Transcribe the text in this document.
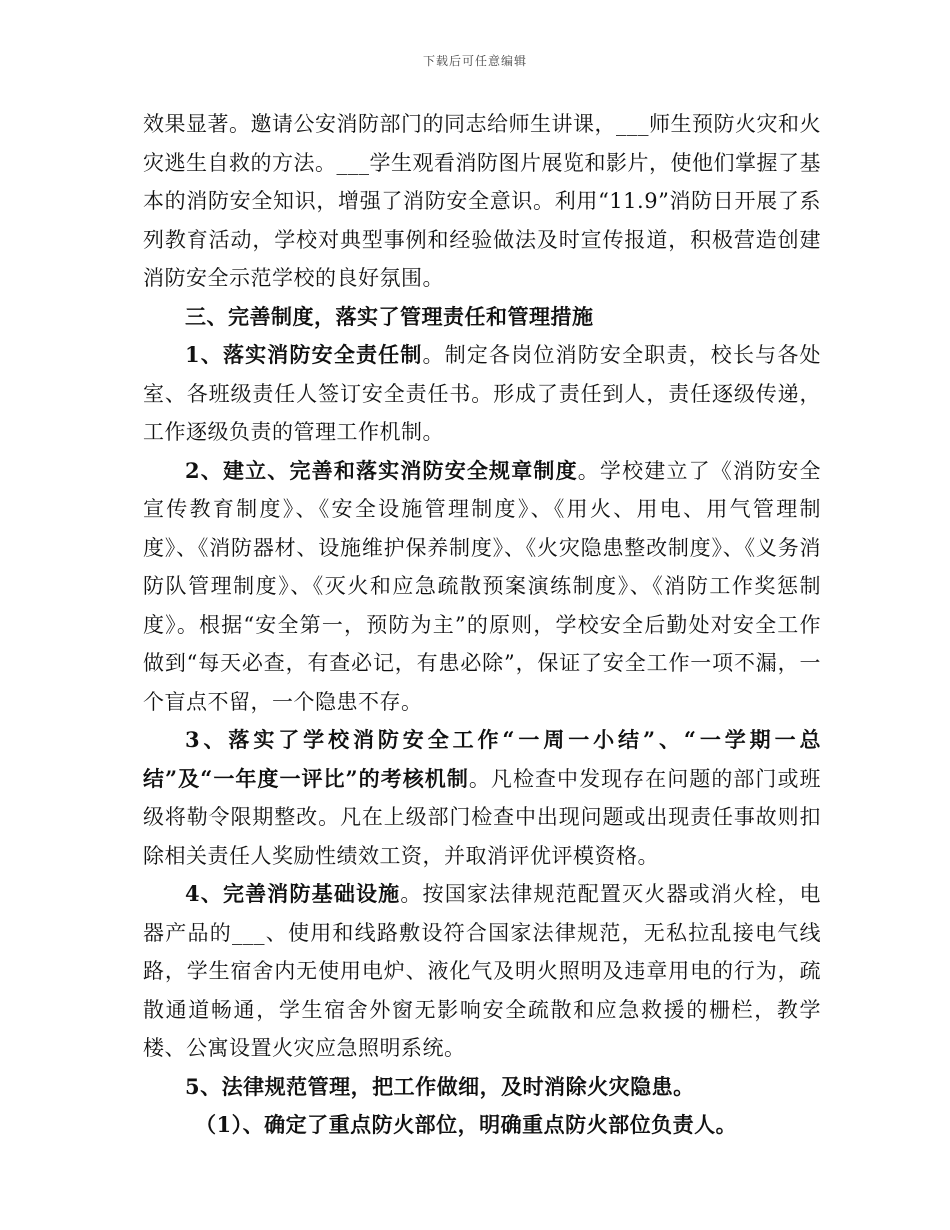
下载后可任意编辑

效果显著。邀请公安消防部门的同志给师生讲课，___师生预防火灾和火灾逃生自救的方法。___学生观看消防图片展览和影片，使他们掌握了基本的消防安全知识，增强了消防安全意识。利用“11.9”消防日开展了系列教育活动，学校对典型事例和经验做法及时宣传报道，积极营造创建消防安全示范学校的良好氛围。

三、完善制度，落实了管理责任和管理措施

1、落实消防安全责任制。制定各岗位消防安全职责，校长与各处室、各班级责任人签订安全责任书。形成了责任到人，责任逐级传递，工作逐级负责的管理工作机制。

2、建立、完善和落实消防安全规章制度。学校建立了《消防安全宣传教育制度》、《安全设施管理制度》、《用火、用电、用气管理制度》、《消防器材、设施维护保养制度》、《火灾隐患整改制度》、《义务消防队管理制度》、《灭火和应急疏散预案演练制度》、《消防工作奖惩制度》。根据“安全第一，预防为主”的原则，学校安全后勤处对安全工作做到“每天必查，有查必记，有患必除”，保证了安全工作一项不漏，一个盲点不留，一个隐患不存。

3、落实了学校消防安全工作“一周一小结”、“一学期一总结”及“一年度一评比”的考核机制。凡检查中发现存在问题的部门或班级将勒令限期整改。凡在上级部门检查中出现问题或出现责任事故则扣除相关责任人奖励性绩效工资，并取消评优评模资格。

4、完善消防基础设施。按国家法律规范配置灭火器或消火栓，电器产品的___、使用和线路敷设符合国家法律规范，无私拉乱接电气线路，学生宿舍内无使用电炉、液化气及明火照明及违章用电的行为，疏散通道畅通，学生宿舍外窗无影响安全疏散和应急救援的栅栏，教学楼、公寓设置火灾应急照明系统。

5、法律规范管理，把工作做细，及时消除火灾隐患。

（1）、确定了重点防火部位，明确重点防火部位负责人。
